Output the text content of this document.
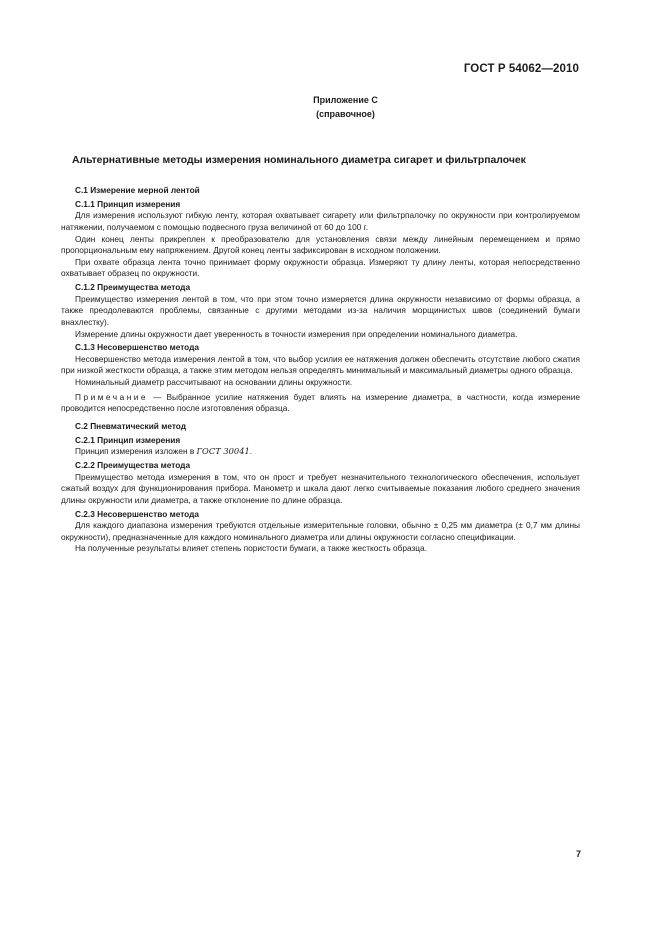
ГОСТ Р 54062—2010
Приложение С
(справочное)
Альтернативные методы измерения номинального диаметра сигарет и фильтрпалочек

С.1 Измерение мерной лентой

С.1.1 Принцип измерения

Для измерения используют гибкую ленту, которая охватывает сигарету или фильтрпалочку по окружности при контролируемом натяжении, получаемом с помощью подвесного груза величиной от 60 до 100 г.

Один конец ленты прикреплен к преобразователю для установления связи между линейным перемещением и прямо пропорциональным ему напряжением. Другой конец ленты зафиксирован в исходном положении.

При охвате образца лента точно принимает форму окружности образца. Измеряют ту длину ленты, которая непосредственно охватывает образец по окружности.

С.1.2 Преимущества метода

Преимущество измерения лентой в том, что при этом точно измеряется длина окружности независимо от формы образца, а также преодолеваются проблемы, связанные с другими методами из-за наличия морщинистых швов (соединений бумаги внахлестку).

Измерение длины окружности дает уверенность в точности измерения при определении номинального диаметра.

С.1.3 Несовершенство метода

Несовершенство метода измерения лентой в том, что выбор усилия ее натяжения должен обеспечить отсутствие любого сжатия при низкой жесткости образца, а также этим методом нельзя определять минимальный и максимальный диаметры одного образца.

Номинальный диаметр рассчитывают на основании длины окружности.

Примечание — Выбранное усилие натяжения будет влиять на измерение диаметра, в частности, когда измерение проводится непосредственно после изготовления образца.

С.2 Пневматический метод

С.2.1 Принцип измерения

Принцип измерения изложен в ГОСТ 30041.

С.2.2 Преимущества метода

Преимущество метода измерения в том, что он прост и требует незначительного технологического обеспечения, использует сжатый воздух для функционирования прибора. Манометр и шкала дают легко считываемые показания любого среднего значения длины окружности или диаметра, а также отклонение по длине образца.

С.2.3 Несовершенство метода

Для каждого диапазона измерения требуются отдельные измерительные головки, обычно ± 0,25 мм диаметра (± 0,7 мм длины окружности), предназначенные для каждого номинального диаметра или длины окружности согласно спецификации.

На полученные результаты влияет степень пористости бумаги, а также жесткость образца.

7
